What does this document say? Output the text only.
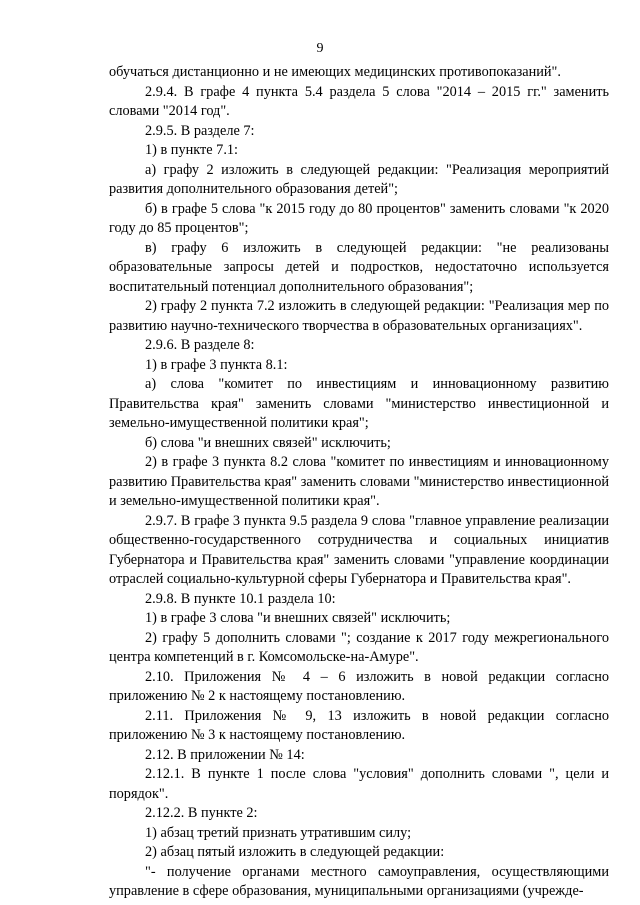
9

обучаться дистанционно и не имеющих медицинских противопоказаний".

2.9.4. В графе 4 пункта 5.4 раздела 5 слова "2014 – 2015 гг." заменить словами "2014 год".

2.9.5. В разделе 7:

1) в пункте 7.1:

а) графу 2 изложить в следующей редакции: "Реализация мероприятий развития дополнительного образования детей";

б) в графе 5 слова "к 2015 году до 80 процентов" заменить словами "к 2020 году до 85 процентов";

в) графу 6 изложить в следующей редакции: "не реализованы образовательные запросы детей и подростков, недостаточно используется воспитательный потенциал дополнительного образования";

2) графу 2 пункта 7.2 изложить в следующей редакции: "Реализация мер по развитию научно-технического творчества в образовательных организациях".

2.9.6. В разделе 8:

1) в графе 3 пункта 8.1:

а) слова "комитет по инвестициям и инновационному развитию Правительства края" заменить словами "министерство инвестиционной и земельно-имущественной политики края";

б) слова "и внешних связей" исключить;

2) в графе 3 пункта 8.2 слова "комитет по инвестициям и инновационному развитию Правительства края" заменить словами "министерство инвестиционной и земельно-имущественной политики края".

2.9.7. В графе 3 пункта 9.5 раздела 9 слова "главное управление реализации общественно-государственного сотрудничества и социальных инициатив Губернатора и Правительства края" заменить словами "управление координации отраслей социально-культурной сферы Губернатора и Правительства края".

2.9.8. В пункте 10.1 раздела 10:

1) в графе 3 слова "и внешних связей" исключить;

2) графу 5 дополнить словами "; создание к 2017 году межрегионального центра компетенций в г. Комсомольске-на-Амуре".

2.10. Приложения № 4 – 6 изложить в новой редакции согласно приложению № 2 к настоящему постановлению.

2.11. Приложения № 9, 13 изложить в новой редакции согласно приложению № 3 к настоящему постановлению.

2.12. В приложении № 14:

2.12.1. В пункте 1 после слова "условия" дополнить словами ", цели и порядок".

2.12.2. В пункте 2:

1) абзац третий признать утратившим силу;

2) абзац пятый изложить в следующей редакции:

"- получение органами местного самоуправления, осуществляющими управление в сфере образования, муниципальными организациями (учрежде-
